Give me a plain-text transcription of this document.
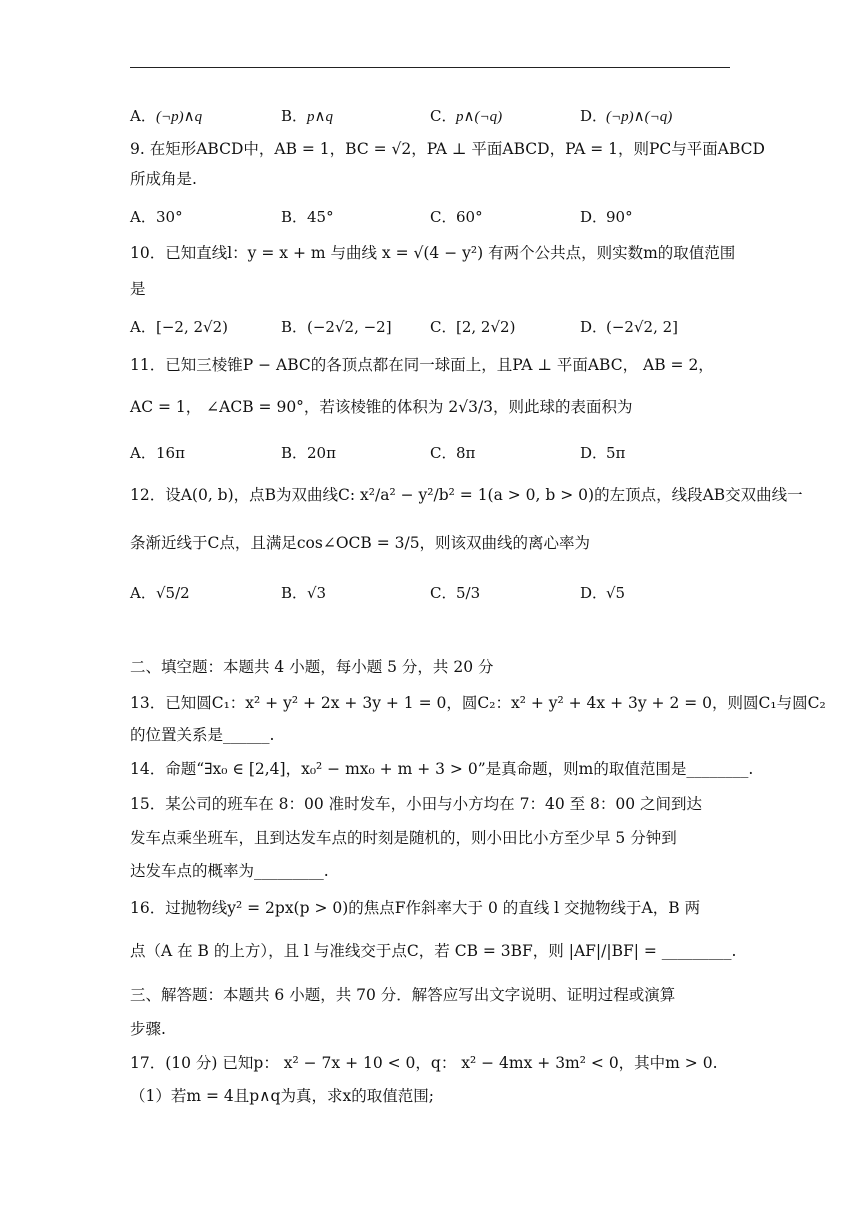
A．(¬p)∧q	B．p∧q	C．p∧(¬q)	D．(¬p)∧(¬q)
9. 在矩形ABCD中，AB = 1，BC = √2，PA ⊥ 平面ABCD，PA = 1，则PC与平面ABCD
所成角是.
A．30°	B．45°	C．60°	D．90°
10．已知直线l：y = x + m 与曲线 x = √(4 − y²) 有两个公共点，则实数m的取值范围
是
A．[−2, 2√2)	B．(−2√2, −2]	C．[2, 2√2)	D．(−2√2, 2]
11．已知三棱锥P − ABC的各顶点都在同一球面上，且PA ⊥ 平面ABC， AB = 2，
AC = 1， ∠ACB = 90°，若该棱锥的体积为 2√3/3，则此球的表面积为
A．16π	B．20π	C．8π	D．5π
12．设A(0, b)，点B为双曲线C: x²/a² − y²/b² = 1(a > 0, b > 0)的左顶点，线段AB交双曲线一
条渐近线于C点，且满足cos∠OCB = 3/5，则该双曲线的离心率为
A．√5/2	B．√3	C．5/3	D．√5
二、填空题：本题共 4 小题，每小题 5 分，共 20 分
13．已知圆C₁：x² + y² + 2x + 3y + 1 = 0，圆C₂：x² + y² + 4x + 3y + 2 = 0，则圆C₁与圆C₂
的位置关系是______.
14．命题“∃x₀ ∈ [2,4]，x₀² − mx₀ + m + 3 > 0”是真命题，则m的取值范围是________.
15．某公司的班车在 8：00 准时发车，小田与小方均在 7：40 至 8：00 之间到达
发车点乘坐班车，且到达发车点的时刻是随机的，则小田比小方至少早 5 分钟到
达发车点的概率为_________.
16．过抛物线y² = 2px(p > 0)的焦点F作斜率大于 0 的直线 l 交抛物线于A，B 两
点（A 在 B 的上方），且 l 与准线交于点C，若 CB = 3BF，则 |AF|/|BF| = _________.
三、解答题：本题共 6 小题，共 70 分．解答应写出文字说明、证明过程或演算
步骤.
17．(10 分) 已知p： x² − 7x + 10 < 0，q： x² − 4mx + 3m² < 0，其中m > 0.
（1）若m = 4且p∧q为真，求x的取值范围;
